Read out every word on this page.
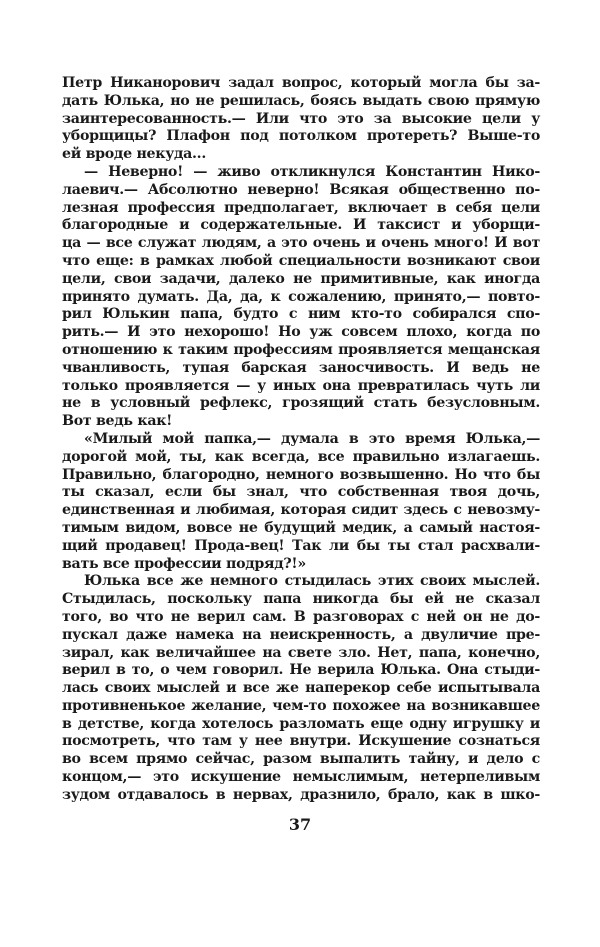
Петр Никанорович задал вопрос, который могла бы за-
дать Юлька, но не решилась, боясь выдать свою прямую
заинтересованность.— Или что это за высокие цели у
уборщицы? Плафон под потолком протереть? Выше-то
ей вроде некуда...
— Неверно! — живо откликнулся Константин Нико-
лаевич.— Абсолютно неверно! Всякая общественно по-
лезная профессия предполагает, включает в себя цели
благородные и содержательные. И таксист и уборщи-
ца — все служат людям, а это очень и очень много! И вот
что еще: в рамках любой специальности возникают свои
цели, свои задачи, далеко не примитивные, как иногда
принято думать. Да, да, к сожалению, принято,— повто-
рил Юлькин папа, будто с ним кто-то собирался спо-
рить.— И это нехорошо! Но уж совсем плохо, когда по
отношению к таким профессиям проявляется мещанская
чванливость, тупая барская заносчивость. И ведь не
только проявляется — у иных она превратилась чуть ли
не в условный рефлекс, грозящий стать безусловным.
Вот ведь как!
«Милый мой папка,— думала в это время Юлька,—
дорогой мой, ты, как всегда, все правильно излагаешь.
Правильно, благородно, немного возвышенно. Но что бы
ты сказал, если бы знал, что собственная твоя дочь,
единственная и любимая, которая сидит здесь с невозму-
тимым видом, вовсе не будущий медик, а самый настоя-
щий продавец! Прода-вец! Так ли бы ты стал расхвали-
вать все профессии подряд?!»
Юлька все же немного стыдилась этих своих мыслей.
Стыдилась, поскольку папа никогда бы ей не сказал
того, во что не верил сам. В разговорах с ней он не до-
пускал даже намека на неискренность, а двуличие пре-
зирал, как величайшее на свете зло. Нет, папа, конечно,
верил в то, о чем говорил. Не верила Юлька. Она стыди-
лась своих мыслей и все же наперекор себе испытывала
противненькое желание, чем-то похожее на возникавшее
в детстве, когда хотелось разломать еще одну игрушку и
посмотреть, что там у нее внутри. Искушение сознаться
во всем прямо сейчас, разом выпалить тайну, и дело с
концом,— это искушение немыслимым, нетерпеливым
зудом отдавалось в нервах, дразнило, брало, как в шко-
37
